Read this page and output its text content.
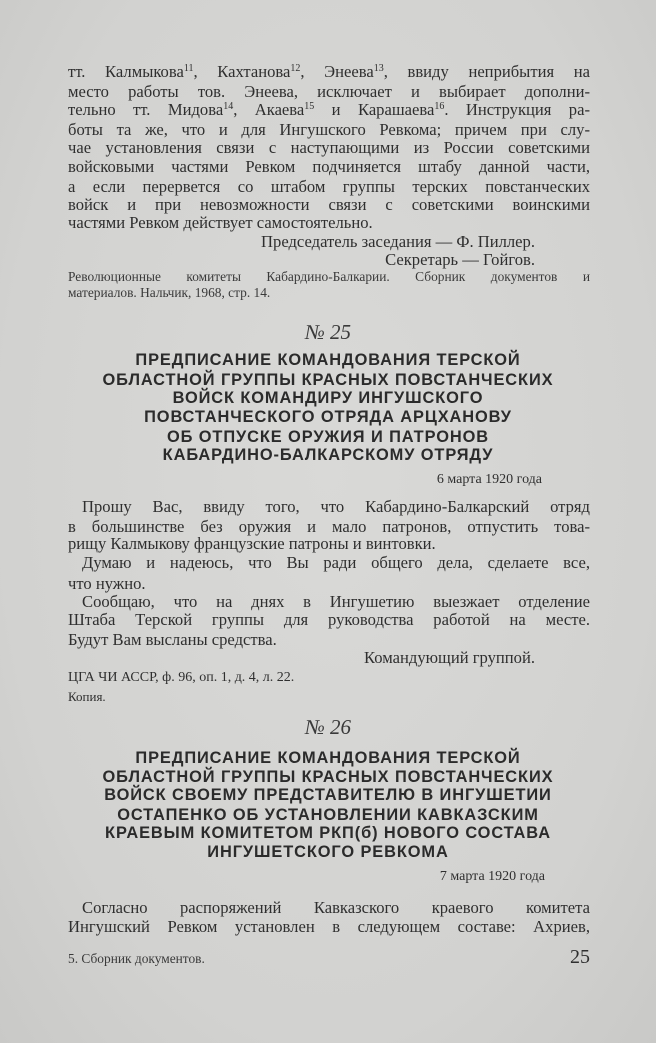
тт. Калмыкова$^{11}$, Кахтанова$^{12}$, Энеева$^{13}$, ввиду неприбытия на
место работы тов. Энеева, исключает и выбирает дополни-
тельно тт. Мидова$^{14}$, Акаева$^{15}$ и Карашаева$^{16}$. Инструкция ра-
боты та же, что и для Ингушского Ревкома; причем при слу-
чае установления связи с наступающими из России советскими
войсковыми частями Ревком подчиняется штабу данной части,
а если перервется со штабом группы терских повстанческих
войск и при невозможности связи с советскими воинскими
частями Ревком действует самостоятельно.
Председатель заседания — Ф. Пиллер.
Секретарь — Гойгов.
Революционные комитеты Кабардино-Балкарии. Сборник документов и
материалов. Нальчик, 1968, стр. 14.
№ 25
ПРЕДПИСАНИЕ КОМАНДОВАНИЯ ТЕРСКОЙ
ОБЛАСТНОЙ ГРУППЫ КРАСНЫХ ПОВСТАНЧЕСКИХ
ВОЙСК КОМАНДИРУ ИНГУШСКОГО
ПОВСТАНЧЕСКОГО ОТРЯДА АРЦХАНОВУ
ОБ ОТПУСКЕ ОРУЖИЯ И ПАТРОНОВ
КАБАРДИНО-БАЛКАРСКОМУ ОТРЯДУ
6 марта 1920 года
Прошу Вас, ввиду того, что Кабардино-Балкарский отряд
в большинстве без оружия и мало патронов, отпустить това-
рищу Калмыкову французские патроны и винтовки.
Думаю и надеюсь, что Вы ради общего дела, сделаете все,
что нужно.
Сообщаю, что на днях в Ингушетию выезжает отделение
Штаба Терской группы для руководства работой на месте.
Будут Вам высланы средства.
Командующий группой.
ЦГА ЧИ АССР, ф. 96, оп. 1, д. 4, л. 22.
Копия.
№ 26
ПРЕДПИСАНИЕ КОМАНДОВАНИЯ ТЕРСКОЙ
ОБЛАСТНОЙ ГРУППЫ КРАСНЫХ ПОВСТАНЧЕСКИХ
ВОЙСК СВОЕМУ ПРЕДСТАВИТЕЛЮ В ИНГУШЕТИИ
ОСТАПЕНКО ОБ УСТАНОВЛЕНИИ КАВКАЗСКИМ
КРАЕВЫМ КОМИТЕТОМ РКП(б) НОВОГО СОСТАВА
ИНГУШЕТСКОГО РЕВКОМА
7 марта 1920 года
Согласно распоряжений Кавказского краевого комитета
Ингушский Ревком установлен в следующем составе: Ахриев,
5. Сборник документов.	25
